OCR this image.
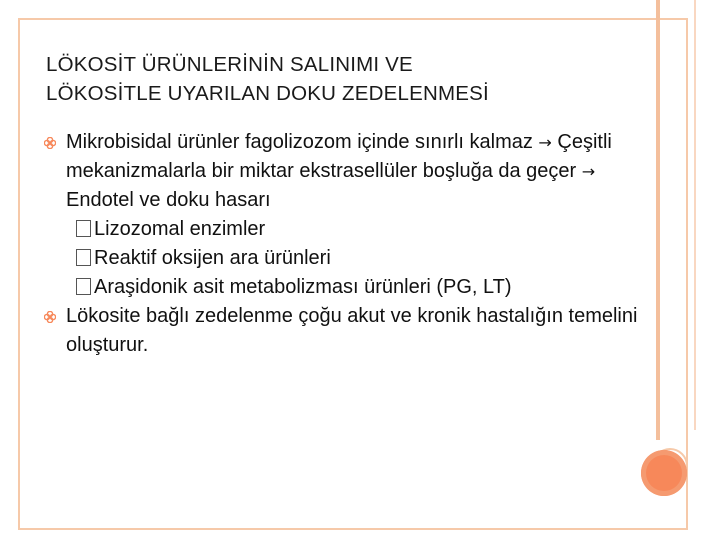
LÖKOSİT ÜRÜNLERİNİN SALINIMI VE
LÖKOSİTLE UYARILAN DOKU ZEDELENMESİ
Mikrobisidal ürünler fagolizozom içinde sınırlı kalmaz → Çeşitli mekanizmalarla bir miktar ekstrasellüler boşluğa da geçer → Endotel ve doku hasarı
Lizozomal enzimler
Reaktif oksijen ara ürünleri
Araşidonik asit metabolizması ürünleri (PG, LT)
Lökosite bağlı zedelenme çoğu akut ve kronik hastalığın temelini oluşturur.
